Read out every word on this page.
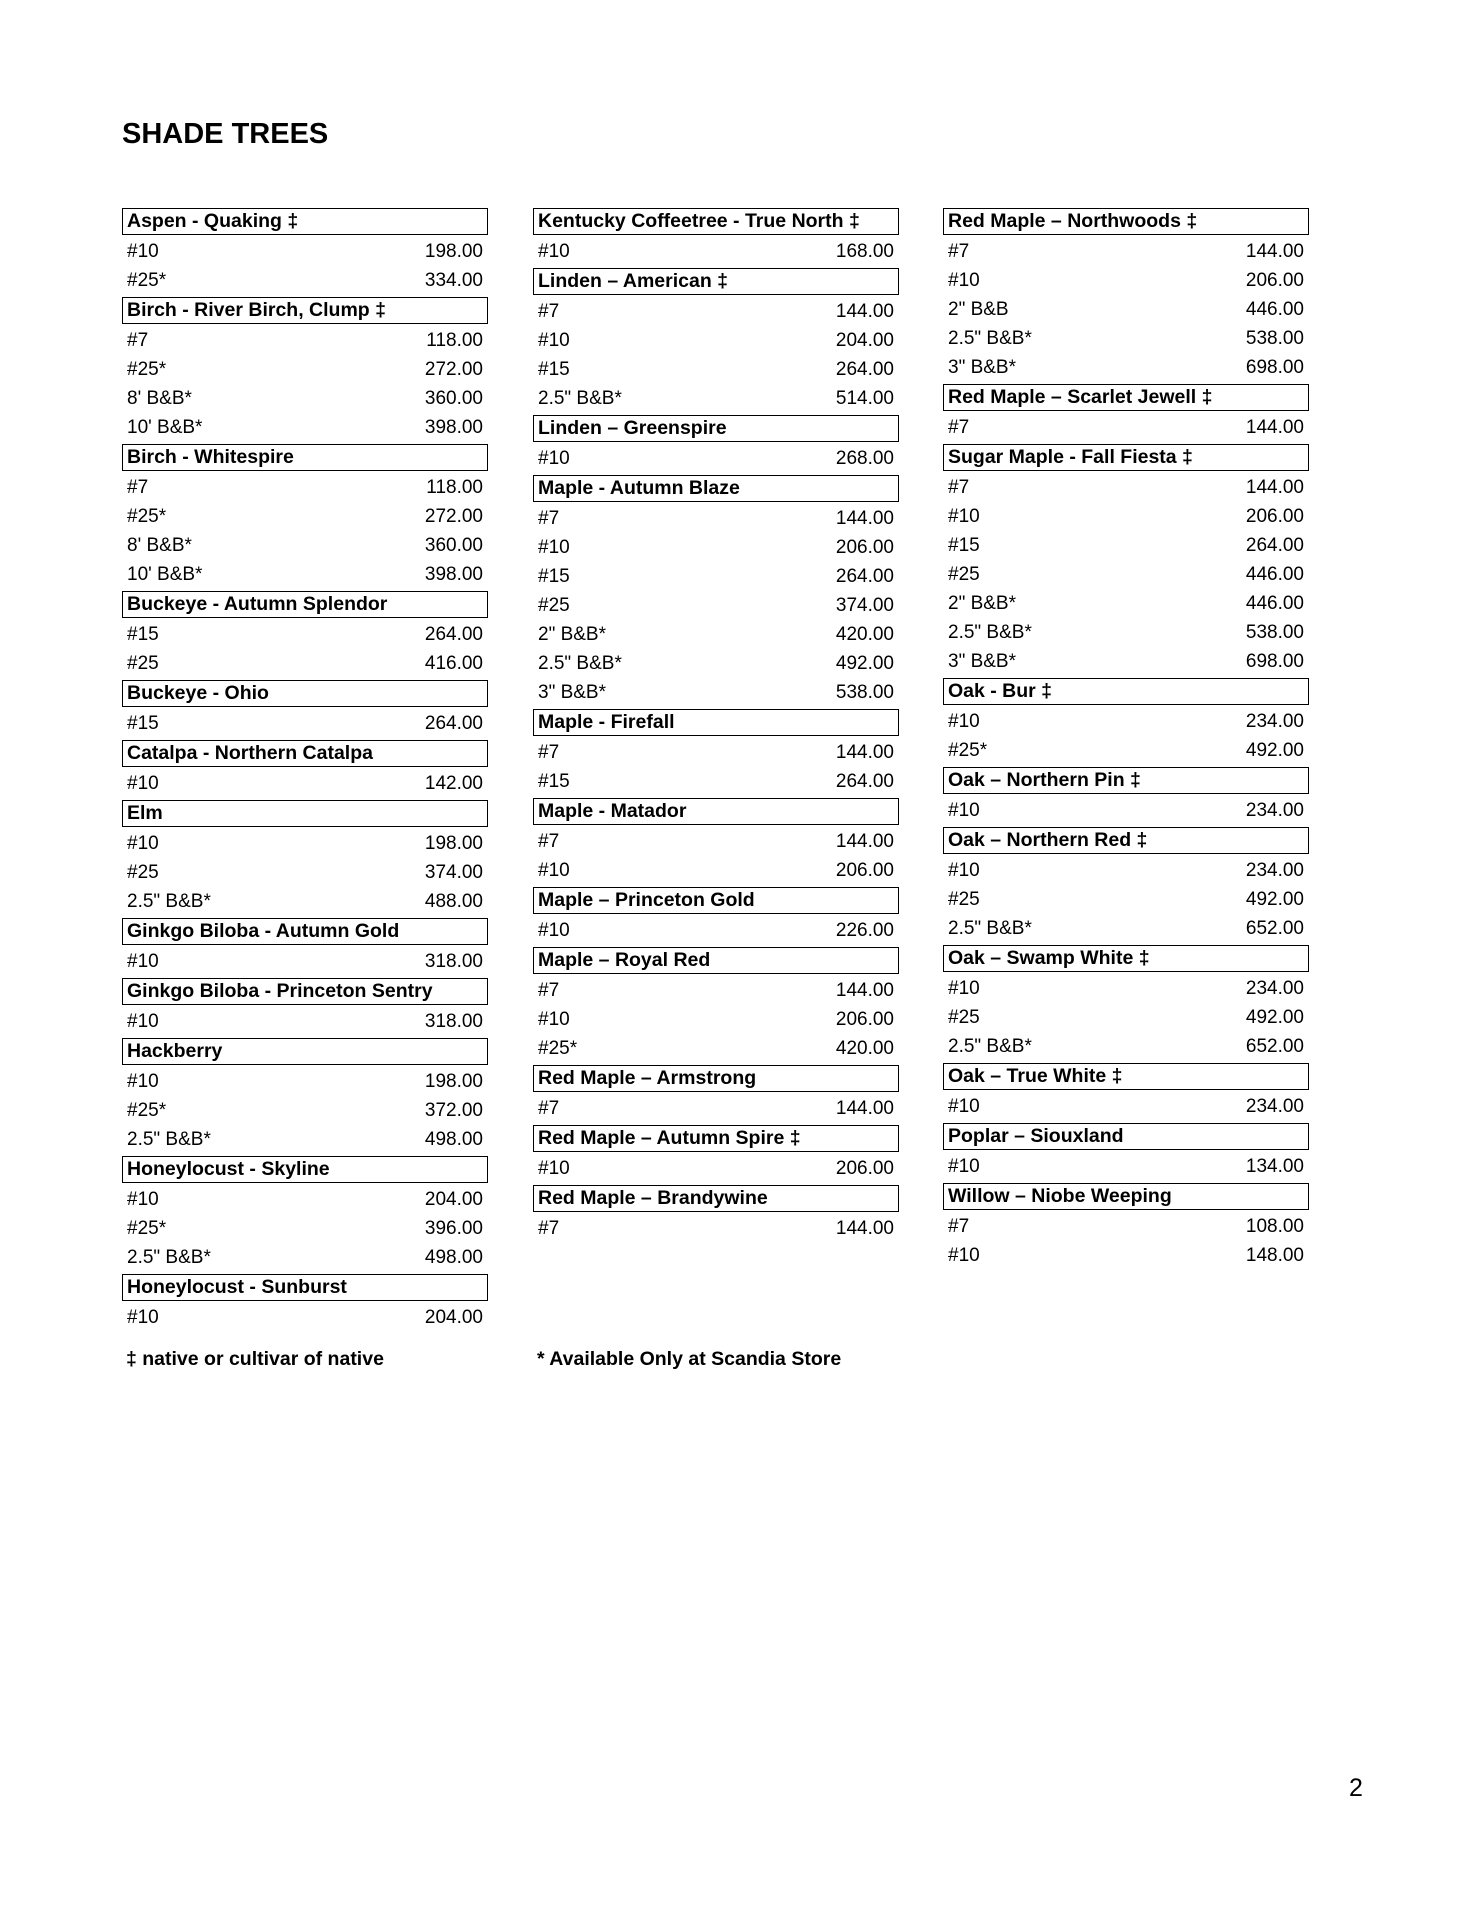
SHADE TREES
Aspen - Quaking ‡
#10	198.00
#25*	334.00
Birch - River Birch, Clump ‡
#7	118.00
#25*	272.00
8' B&B*	360.00
10' B&B*	398.00
Birch - Whitespire
#7	118.00
#25*	272.00
8' B&B*	360.00
10' B&B*	398.00
Buckeye - Autumn Splendor
#15	264.00
#25	416.00
Buckeye - Ohio
#15	264.00
Catalpa - Northern Catalpa
#10	142.00
Elm
#10	198.00
#25	374.00
2.5" B&B*	488.00
Ginkgo Biloba - Autumn Gold
#10	318.00
Ginkgo Biloba - Princeton Sentry
#10	318.00
Hackberry
#10	198.00
#25*	372.00
2.5" B&B*	498.00
Honeylocust - Skyline
#10	204.00
#25*	396.00
2.5" B&B*	498.00
Honeylocust - Sunburst
#10	204.00
Kentucky Coffeetree - True North ‡
#10	168.00
Linden – American ‡
#7	144.00
#10	204.00
#15	264.00
2.5" B&B*	514.00
Linden – Greenspire
#10	268.00
Maple - Autumn Blaze
#7	144.00
#10	206.00
#15	264.00
#25	374.00
2" B&B*	420.00
2.5" B&B*	492.00
3" B&B*	538.00
Maple - Firefall
#7	144.00
#15	264.00
Maple - Matador
#7	144.00
#10	206.00
Maple – Princeton Gold
#10	226.00
Maple – Royal Red
#7	144.00
#10	206.00
#25*	420.00
Red Maple – Armstrong
#7	144.00
Red Maple – Autumn Spire ‡
#10	206.00
Red Maple – Brandywine
#7	144.00
Red Maple – Northwoods ‡
#7	144.00
#10	206.00
2" B&B	446.00
2.5" B&B*	538.00
3" B&B*	698.00
Red Maple – Scarlet Jewell ‡
#7	144.00
Sugar Maple - Fall Fiesta ‡
#7	144.00
#10	206.00
#15	264.00
#25	446.00
2" B&B*	446.00
2.5" B&B*	538.00
3" B&B*	698.00
Oak - Bur ‡
#10	234.00
#25*	492.00
Oak – Northern Pin ‡
#10	234.00
Oak – Northern Red ‡
#10	234.00
#25	492.00
2.5" B&B*	652.00
Oak – Swamp White ‡
#10	234.00
#25	492.00
2.5" B&B*	652.00
Oak – True White ‡
#10	234.00
Poplar – Siouxland
#10	134.00
Willow – Niobe Weeping
#7	108.00
#10	148.00
‡ native or cultivar of native	* Available Only at Scandia Store
2
